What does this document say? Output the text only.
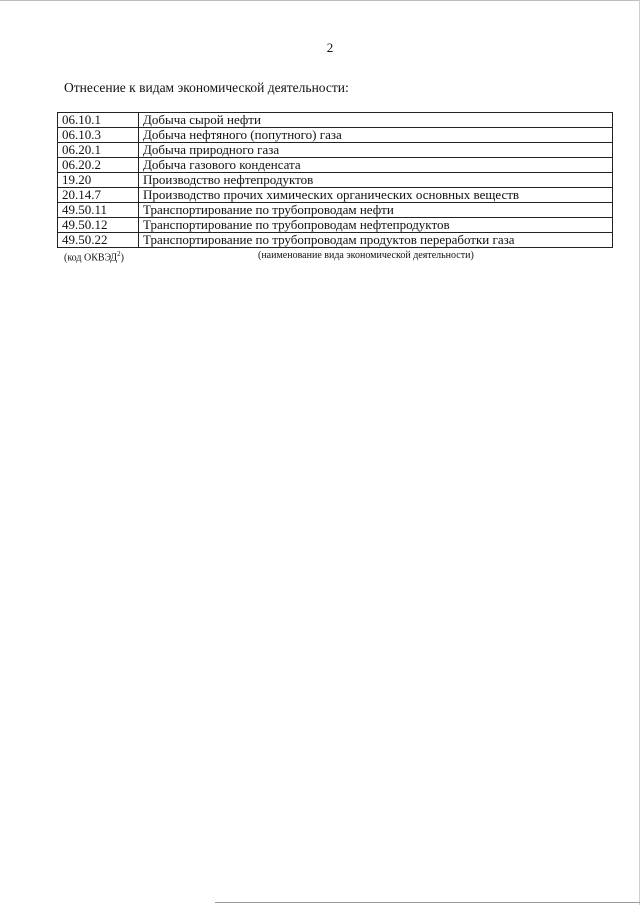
2
Отнесение к видам экономической деятельности:
06.10.1	Добыча сырой нефти
06.10.3	Добыча нефтяного (попутного) газа
06.20.1	Добыча природного газа
06.20.2	Добыча газового конденсата
19.20	Производство нефтепродуктов
20.14.7	Производство прочих химических органических основных веществ
49.50.11	Транспортирование по трубопроводам нефти
49.50.12	Транспортирование по трубопроводам нефтепродуктов
49.50.22	Транспортирование по трубопроводам продуктов переработки газа
(код ОКВЭД$^2$)	(наименование вида экономической деятельности)
